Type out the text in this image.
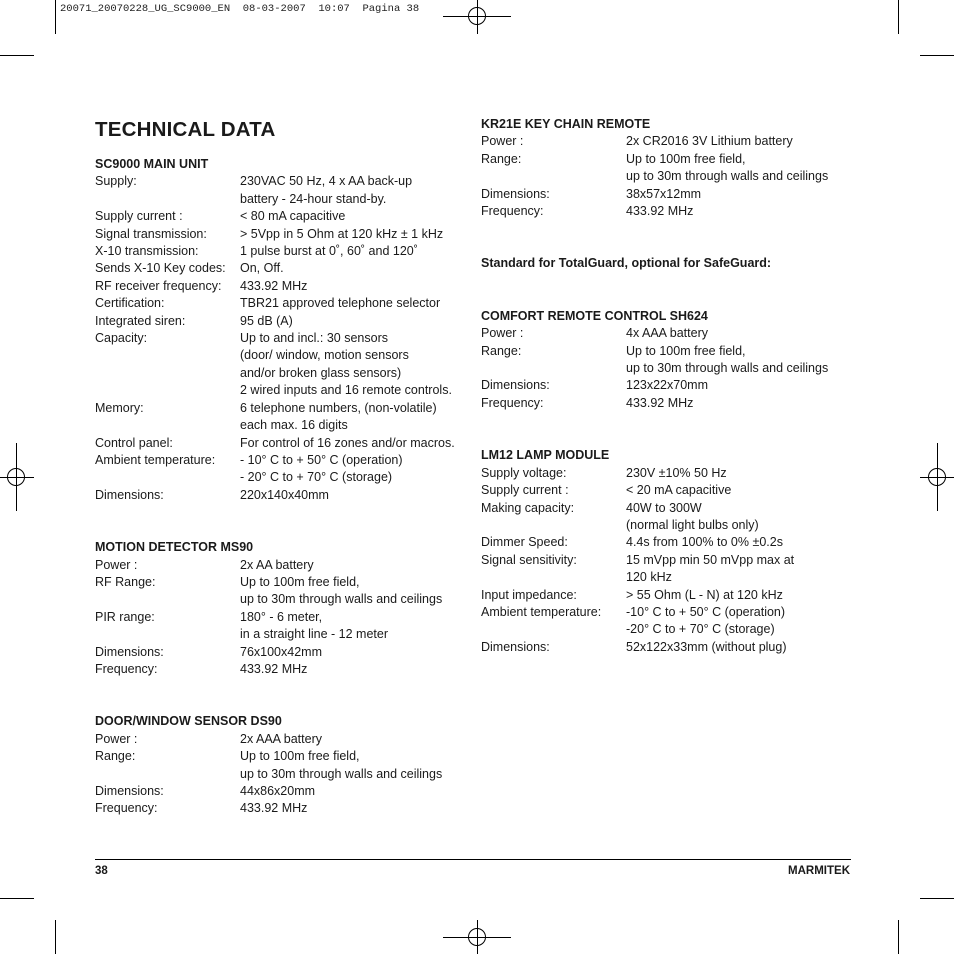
20071_20070228_UG_SC9000_EN  08-03-2007  10:07  Pagina 38
TECHNICAL DATA
SC9000 MAIN UNIT
Supply:	230VAC 50 Hz, 4 x AA back-up
battery - 24-hour stand-by.
Supply current :	< 80 mA capacitive
Signal transmission:	> 5Vpp in 5 Ohm at 120 kHz ± 1 kHz
X-10 transmission:	1 pulse burst at 0˚, 60˚ and 120˚
Sends X-10 Key codes:	On, Off.
RF receiver frequency:	433.92 MHz
Certification:	TBR21 approved telephone selector
Integrated siren:	95 dB (A)
Capacity:	Up to and incl.: 30 sensors
(door/ window, motion sensors
and/or broken glass sensors)
2 wired inputs and 16 remote controls.
Memory:	6 telephone numbers, (non-volatile)
each max. 16 digits
Control panel:	For control of 16 zones and/or macros.
Ambient temperature:	- 10° C to + 50° C (operation)
- 20° C to + 70° C (storage)
Dimensions:	220x140x40mm
MOTION DETECTOR MS90
Power :	2x AA battery
RF Range:	Up to 100m free field,
up to 30m through walls and ceilings
PIR range:	180° - 6 meter,
in a straight line - 12 meter
Dimensions:	76x100x42mm
Frequency:	433.92 MHz
DOOR/WINDOW SENSOR DS90
Power :	2x AAA battery
Range:	Up to 100m free field,
up to 30m through walls and ceilings
Dimensions:	44x86x20mm
Frequency:	433.92 MHz
KR21E KEY CHAIN REMOTE
Power :	2x CR2016 3V Lithium battery
Range:	Up to 100m free field,
up to 30m through walls and ceilings
Dimensions:	38x57x12mm
Frequency:	433.92 MHz
Standard for TotalGuard, optional for SafeGuard:
COMFORT REMOTE CONTROL SH624
Power :	4x AAA battery
Range:	Up to 100m free field,
up to 30m through walls and ceilings
Dimensions:	123x22x70mm
Frequency:	433.92 MHz
LM12 LAMP MODULE
Supply voltage:	230V ±10% 50 Hz
Supply current :	< 20 mA capacitive
Making capacity:	40W to 300W
(normal light bulbs only)
Dimmer Speed:	4.4s from 100% to 0% ±0.2s
Signal sensitivity:	15 mVpp min 50 mVpp max at
120 kHz
Input impedance:	> 55 Ohm (L - N) at 120 kHz
Ambient temperature:	-10° C to + 50° C (operation)
-20° C to + 70° C (storage)
Dimensions:	52x122x33mm (without plug)
38	MARMITEK
